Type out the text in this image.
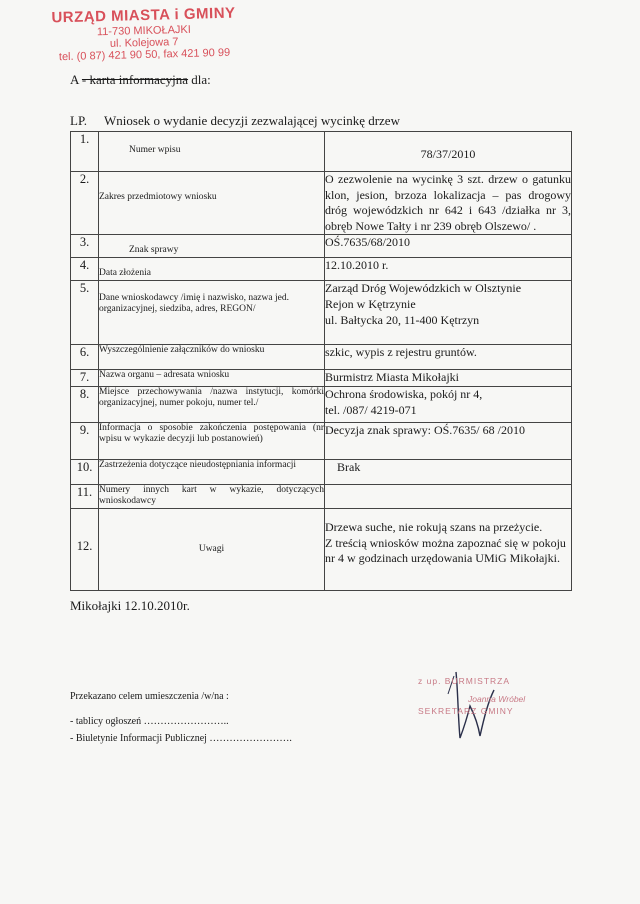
URZĄD MIASTA i GMINY
11-730 MIKOŁAJKI
ul. Kolejowa 7
tel. (0 87) 421 90 50, fax 421 90 99
A - karta informacyjna dla:
LP. Wniosek o wydanie decyzji zezwalającej wycinkę drzew
1.	Numer wpisu	78/37/2010
2.	Zakres przedmiotowy wniosku	O zezwolenie na wycinkę 3 szt. drzew o gatunku klon, jesion, brzoza lokalizacja – pas drogowy dróg wojewódzkich nr 642 i 643 /działka nr 3, obręb Nowe Tałty i nr 239 obręb Olszewo/ .
3.	Znak sprawy	OŚ.7635/68/2010
4.	Data złożenia	12.10.2010 r.
5.	Dane wnioskodawcy /imię i nazwisko, nazwa jed. organizacyjnej, siedziba, adres, REGON/	Zarząd Dróg Wojewódzkich w Olsztynie
Rejon w Kętrzynie
ul. Bałtycka 20, 11-400 Kętrzyn

6.	Wyszczególnienie załączników do wniosku	szkic, wypis z rejestru gruntów.
7.	Nazwa organu – adresata wniosku	Burmistrz Miasta Mikołajki
8.	Miejsce przechowywania /nazwa instytucji, komórki organizacyjnej, numer pokoju, numer tel./	Ochrona środowiska, pokój nr 4,
tel. /087/ 4219-071

9.	Informacja o sposobie zakończenia postępowania (nr wpisu w wykazie decyzji lub postanowień)	Decyzja znak sprawy: OŚ.7635/ 68 /2010
10.	Zastrzeżenia dotyczące nieudostępniania informacji	Brak
11.	Numery innych kart w wykazie, dotyczących wnioskodawcy	
12.	Uwagi	Drzewa suche, nie rokują szans na przeżycie.
Z treścią wniosków można zapoznać się w pokoju nr 4 w godzinach urzędowania UMiG Mikołajki.
Mikołajki 12.10.2010r.
Przekazano celem umieszczenia /w/na :
- tablicy ogłoszeń ……………………..
- Biuletynie Informacji Publicznej …………………….
z up. BURMISTRZA
Joanna Wróbel
SEKRETARZ GMINY
